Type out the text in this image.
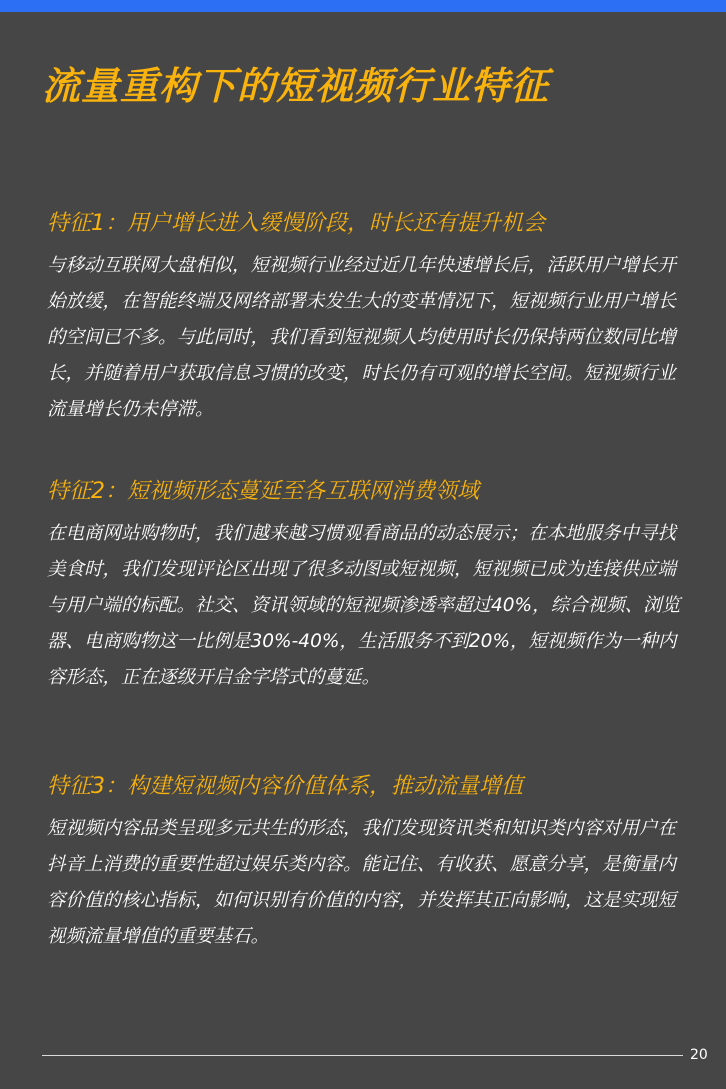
流量重构下的短视频行业特征
特征1：用户增长进入缓慢阶段，时长还有提升机会

与移动互联网大盘相似，短视频行业经过近几年快速增长后，活跃用户增长开始放缓，在智能终端及网络部署未发生大的变革情况下，短视频行业用户增长的空间已不多。与此同时，我们看到短视频人均使用时长仍保持两位数同比增长，并随着用户获取信息习惯的改变，时长仍有可观的增长空间。短视频行业流量增长仍未停滞。

特征2：短视频形态蔓延至各互联网消费领域

在电商网站购物时，我们越来越习惯观看商品的动态展示；在本地服务中寻找美食时，我们发现评论区出现了很多动图或短视频，短视频已成为连接供应端与用户端的标配。社交、资讯领域的短视频渗透率超过40%，综合视频、浏览器、电商购物这一比例是30%-40%，生活服务不到20%，短视频作为一种内容形态，正在逐级开启金字塔式的蔓延。

特征3：构建短视频内容价值体系，推动流量增值

短视频内容品类呈现多元共生的形态，我们发现资讯类和知识类内容对用户在抖音上消费的重要性超过娱乐类内容。能记住、有收获、愿意分享，是衡量内容价值的核心指标，如何识别有价值的内容，并发挥其正向影响，这是实现短视频流量增值的重要基石。

20
